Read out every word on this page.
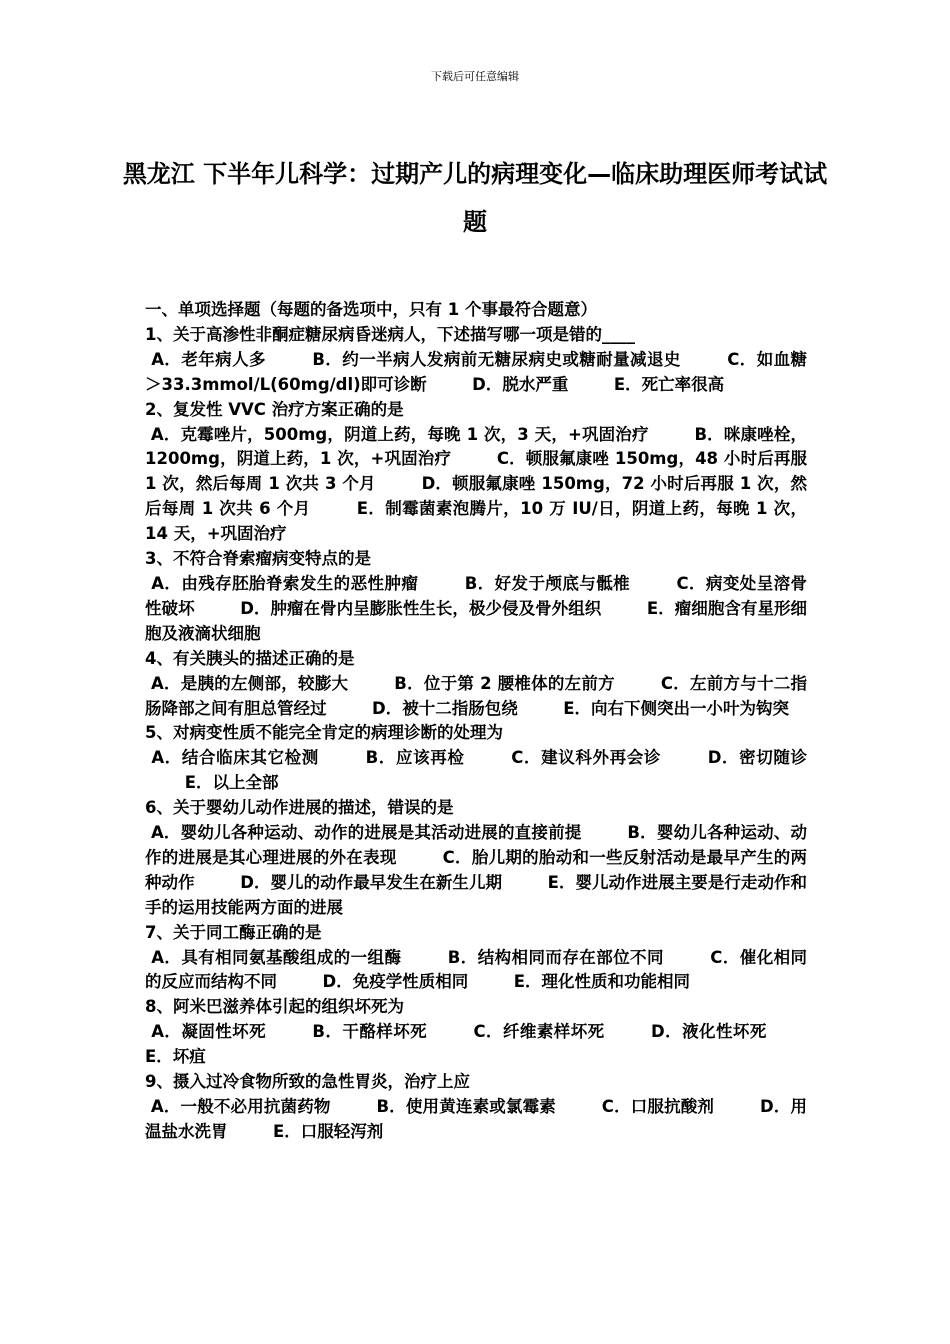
下载后可任意编辑
黑龙江 下半年儿科学：过期产儿的病理变化—临床助理医师考试试题

一、单项选择题（每题的备选项中，只有 1 个事最符合题意）

1、关于高渗性非酮症糖尿病昏迷病人，下述描写哪一项是错的____

A．老年病人多	B．约一半病人发病前无糖尿病史或糖耐量减退史	C．如血糖＞33.3mmol/L(60mg/dl)即可诊断	D．脱水严重	E．死亡率很高

2、复发性 VVC 治疗方案正确的是

A．克霉唑片，500mg，阴道上药，每晚 1 次，3 天，+巩固治疗	B．咪康唑栓，1200mg，阴道上药，1 次，+巩固治疗	C．顿服氟康唑 150mg，48 小时后再服 1 次，然后每周 1 次共 3 个月	D．顿服氟康唑 150mg，72 小时后再服 1 次，然后每周 1 次共 6 个月	E．制霉菌素泡腾片，10 万 IU/日，阴道上药，每晚 1 次，14 天，+巩固治疗

3、不符合脊索瘤病变特点的是

A．由残存胚胎脊索发生的恶性肿瘤	B．好发于颅底与骶椎	C．病变处呈溶骨性破坏	D．肿瘤在骨内呈膨胀性生长，极少侵及骨外组织	E．瘤细胞含有星形细胞及液滴状细胞

4、有关胰头的描述正确的是

A．是胰的左侧部，较膨大	B．位于第 2 腰椎体的左前方	C．左前方与十二指肠降部之间有胆总管经过	D．被十二指肠包绕	E．向右下侧突出一小叶为钩突

5、对病变性质不能完全肯定的病理诊断的处理为

A．结合临床其它检测	B．应该再检	C．建议科外再会诊	D．密切随诊  E．以上全部

6、关于婴幼儿动作进展的描述，错误的是

A．婴幼儿各种运动、动作的进展是其活动进展的直接前提	B．婴幼儿各种运动、动作的进展是其心理进展的外在表现	C．胎儿期的胎动和一些反射活动是最早产生的两种动作	D．婴儿的动作最早发生在新生儿期	E．婴儿动作进展主要是行走动作和手的运用技能两方面的进展

7、关于同工酶正确的是

A．具有相同氨基酸组成的一组酶	B．结构相同而存在部位不同	C．催化相同的反应而结构不同	D．免疫学性质相同	E．理化性质和功能相同

8、阿米巴滋养体引起的组织坏死为

A．凝固性坏死	B．干酪样坏死	C．纤维素样坏死	D．液化性坏死  E．坏疽

9、摄入过冷食物所致的急性胃炎，治疗上应

A．一般不必用抗菌药物	B．使用黄连素或氯霉素	C．口服抗酸剂	D．用温盐水洗胃	E．口服轻泻剂
